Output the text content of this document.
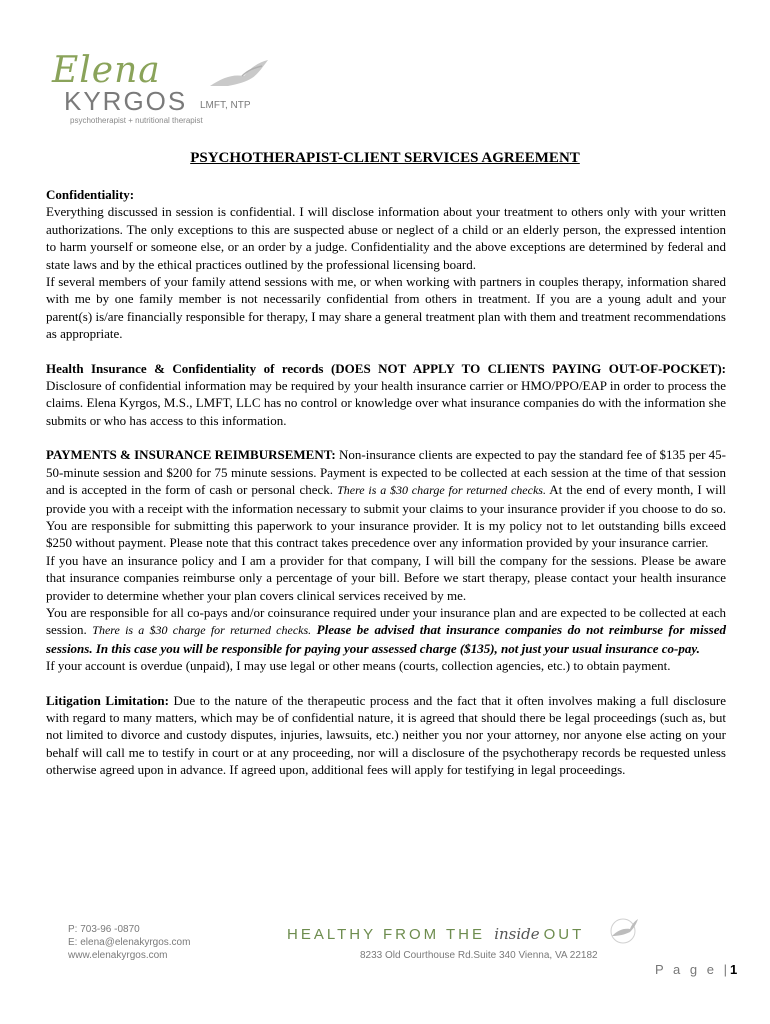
Elena
KYRGOS LMFT, NTP
psychotherapist + nutritional therapist
PSYCHOTHERAPIST-CLIENT SERVICES AGREEMENT

Confidentiality:

Everything discussed in session is confidential. I will disclose information about your treatment to others only with your written authorizations. The only exceptions to this are suspected abuse or neglect of a child or an elderly person, the expressed intention to harm yourself or someone else, or an order by a judge. Confidentiality and the above exceptions are determined by federal and state laws and by the ethical practices outlined by the professional licensing board.

If several members of your family attend sessions with me, or when working with partners in couples therapy, information shared with me by one family member is not necessarily confidential from others in treatment. If you are a young adult and your parent(s) is/are financially responsible for therapy, I may share a general treatment plan with them and treatment recommendations as appropriate.

Health Insurance & Confidentiality of records (DOES NOT APPLY TO CLIENTS PAYING OUT-OF-POCKET): Disclosure of confidential information may be required by your health insurance carrier or HMO/PPO/EAP in order to process the claims. Elena Kyrgos, M.S., LMFT, LLC has no control or knowledge over what insurance companies do with the information she submits or who has access to this information.

PAYMENTS & INSURANCE REIMBURSEMENT: Non-insurance clients are expected to pay the standard fee of $135 per 45-50-minute session and $200 for 75 minute sessions. Payment is expected to be collected at each session at the time of that session and is accepted in the form of cash or personal check. There is a $30 charge for returned checks. At the end of every month, I will provide you with a receipt with the information necessary to submit your claims to your insurance provider if you choose to do so. You are responsible for submitting this paperwork to your insurance provider. It is my policy not to let outstanding bills exceed $250 without payment. Please note that this contract takes precedence over any information provided by your insurance carrier.

If you have an insurance policy and I am a provider for that company, I will bill the company for the sessions. Please be aware that insurance companies reimburse only a percentage of your bill. Before we start therapy, please contact your health insurance provider to determine whether your plan covers clinical services received by me.

You are responsible for all co-pays and/or coinsurance required under your insurance plan and are expected to be collected at each session. There is a $30 charge for returned checks. Please be advised that insurance companies do not reimburse for missed sessions. In this case you will be responsible for paying your assessed charge ($135), not just your usual insurance co-pay.

If your account is overdue (unpaid), I may use legal or other means (courts, collection agencies, etc.) to obtain payment.

Litigation Limitation: Due to the nature of the therapeutic process and the fact that it often involves making a full disclosure with regard to many matters, which may be of confidential nature, it is agreed that should there be legal proceedings (such as, but not limited to divorce and custody disputes, injuries, lawsuits, etc.) neither you nor your attorney, nor anyone else acting on your behalf will call me to testify in court or at any proceeding, nor will a disclosure of the psychotherapy records be requested unless otherwise agreed upon in advance. If agreed upon, additional fees will apply for testifying in legal proceedings.

P: 703-96 -0870
E: elena@elenakyrgos.com
www.elenakyrgos.com
HEALTHY FROM THE inside OUT
8233 Old Courthouse Rd.Suite 340 Vienna, VA 22182
P a g e |1
